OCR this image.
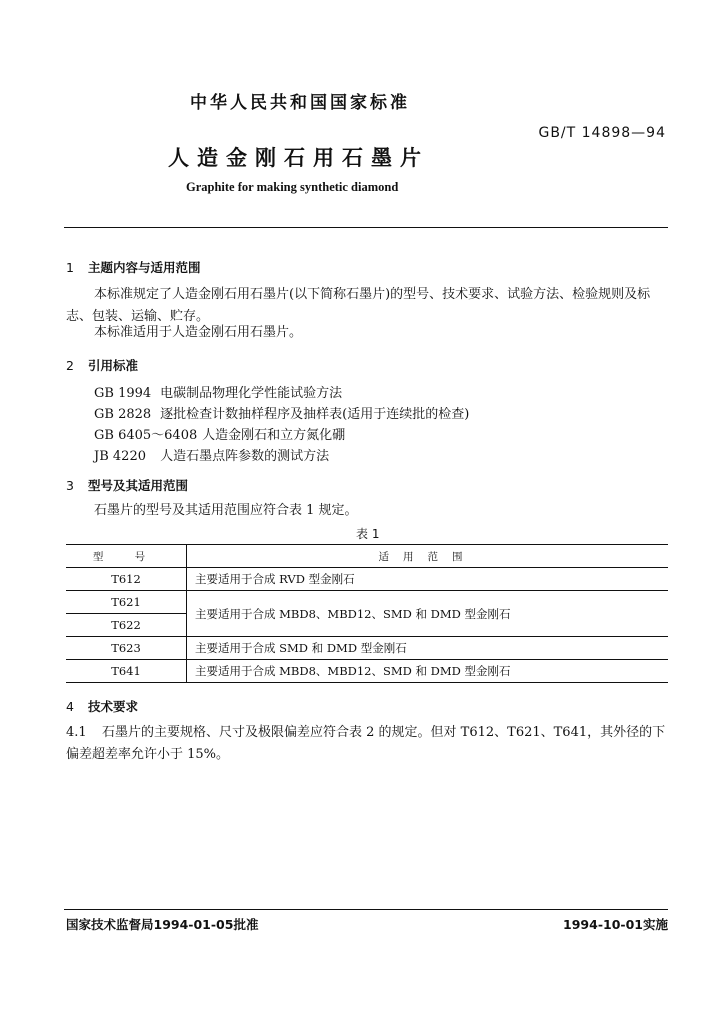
中华人民共和国国家标准
GB/T 14898—94
人造金刚石用石墨片
Graphite for making synthetic diamond
1 主题内容与适用范围
本标准规定了人造金刚石用石墨片(以下简称石墨片)的型号、技术要求、试验方法、检验规则及标志、包装、运输、贮存。
本标准适用于人造金刚石用石墨片。
2 引用标准
GB 1994 电碳制品物理化学性能试验方法
GB 2828 逐批检查计数抽样程序及抽样表(适用于连续批的检查)
GB 6405～6408 人造金刚石和立方氮化硼
JB 4220 人造石墨点阵参数的测试方法
3 型号及其适用范围
石墨片的型号及其适用范围应符合表 1 规定。
表 1
型 号	适用范围
T612	主要适用于合成 RVD 型金刚石
T621	主要适用于合成 MBD8、MBD12、SMD 和 DMD 型金刚石
T622	
T623	主要适用于合成 SMD 和 DMD 型金刚石
T641	主要适用于合成 MBD8、MBD12、SMD 和 DMD 型金刚石
4 技术要求
4.1 石墨片的主要规格、尺寸及极限偏差应符合表 2 的规定。但对 T612、T621、T641，其外径的下偏差超差率允许小于 15%。
国家技术监督局1994-01-05批准	1994-10-01实施
